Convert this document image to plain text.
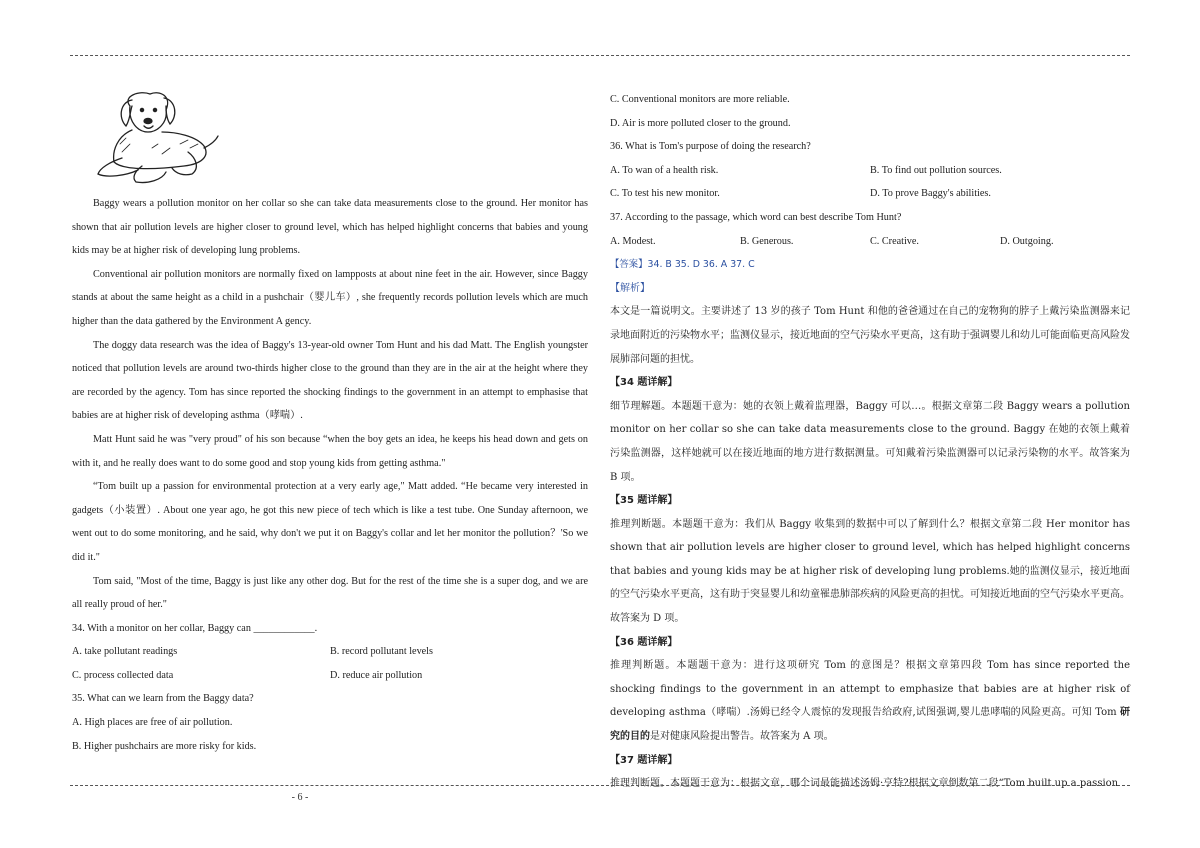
Baggy wears a pollution monitor on her collar so she can take data measurements close to the ground. Her monitor has shown that air pollution levels are higher closer to ground level, which has helped highlight concerns that babies and young kids may be at higher risk of developing lung problems.

Conventional air pollution monitors are normally fixed on lampposts at about nine feet in the air. However, since Baggy stands at about the same height as a child in a pushchair（婴儿车）, she frequently records pollution levels which are much higher than the data gathered by the Environment A gency.

The doggy data research was the idea of Baggy's 13-year-old owner Tom Hunt and his dad Matt. The English youngster noticed that pollution levels are around two-thirds higher close to the ground than they are in the air at the height where they are recorded by the agency. Tom has since reported the shocking findings to the government in an attempt to emphasise that babies are at higher risk of developing asthma（哮喘）.

Matt Hunt said he was "very proud" of his son because “when the boy gets an idea, he keeps his head down and gets on with it, and he really does want to do some good and stop young kids from getting asthma."

“Tom built up a passion for environmental protection at a very early age," Matt added. “He became very interested in gadgets（小装置）. About one year ago, he got this new piece of tech which is like a test tube. One Sunday afternoon, we went out to do some monitoring, and he said, why don't we put it on Baggy's collar and let her monitor the pollution？'So we did it."

Tom said, "Most of the time, Baggy is just like any other dog. But for the rest of the time she is a super dog, and we are all really proud of her."

34. With a monitor on her collar, Baggy can ____________.

A. take pollutant readings	B. record pollutant levels
C. process collected data	D. reduce air pollution

35. What can we learn from the Baggy data?

A. High places are free of air pollution.

B. Higher pushchairs are more risky for kids.

C. Conventional monitors are more reliable.

D. Air is more polluted closer to the ground.

36. What is Tom's purpose of doing the research?

A. To wan of a health risk.	B. To find out pollution sources.
C. To test his new monitor.	D. To prove Baggy's abilities.

37. According to the passage, which word can best describe Tom Hunt?

A. Modest.	B. Generous.	C. Creative.	D. Outgoing.

【答案】34. B 35. D 36. A 37. C

【解析】

本文是一篇说明文。主要讲述了 13 岁的孩子 Tom Hunt 和他的爸爸通过在自己的宠物狗的脖子上戴污染监测器来记录地面附近的污染物水平；监测仪显示，接近地面的空气污染水平更高，这有助于强调婴儿和幼儿可能面临更高风险发展肺部问题的担忧。

【34 题详解】

细节理解题。本题题干意为：她的衣领上戴着监理器，Baggy 可以…。根据文章第二段 Baggy wears a pollution monitor on her collar so she can take data measurements close to the ground. Baggy 在她的衣领上戴着污染监测器，这样她就可以在接近地面的地方进行数据测量。可知戴着污染监测器可以记录污染物的水平。故答案为 B 项。

【35 题详解】

推理判断题。本题题干意为：我们从 Baggy 收集到的数据中可以了解到什么？根据文章第二段 Her monitor has shown that air pollution levels are higher closer to ground level, which has helped highlight concerns that babies and young kids may be at higher risk of developing lung problems.她的监测仪显示，接近地面的空气污染水平更高，这有助于突显婴儿和幼童罹患肺部疾病的风险更高的担忧。可知接近地面的空气污染水平更高。故答案为 D 项。

【36 题详解】

推理判断题。本题题干意为：进行这项研究 Tom 的意图是？根据文章第四段 Tom has since reported the shocking findings to the government in an attempt to emphasize that babies are at higher risk of developing asthma（哮喘）.汤姆已经令人震惊的发现报告给政府,试图强调,婴儿患哮喘的风险更高。可知 Tom 研究的目的是对健康风险提出警告。故答案为 A 项。

【37 题详解】

推理判断题。本题题干意为：根据文章，哪个词最能描述汤姆·亨特?根据文章倒数第二段“Tom built up a passion

- 6 -
